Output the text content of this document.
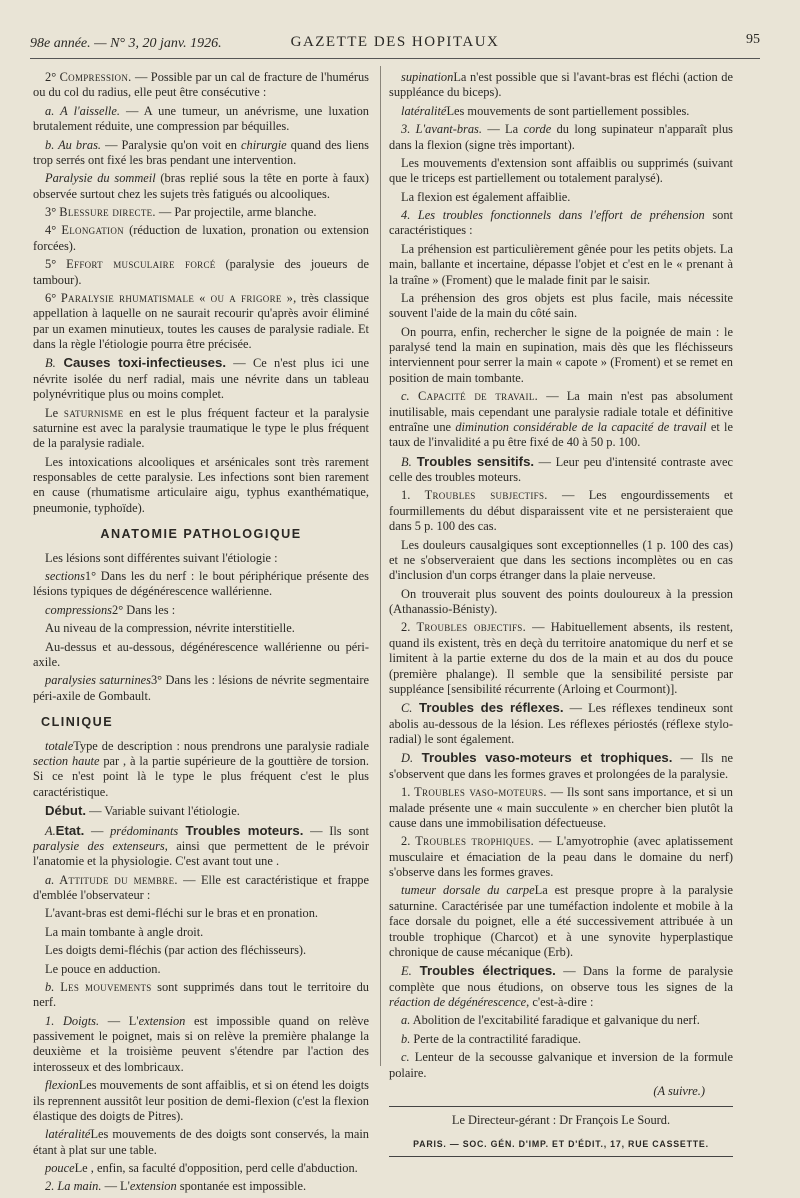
98e année. — N° 3, 20 janv. 1926.	GAZETTE DES HOPITAUX	95

2° Compression. — Possible par un cal de fracture de l'humérus ou du col du radius, elle peut être consécutive :

a. A l'aisselle. — A une tumeur, un anévrisme, une luxation brutalement réduite, une compression par béquilles.

b. Au bras. — Paralysie qu'on voit en chirurgie quand des liens trop serrés ont fixé les bras pendant une intervention.

Paralysie du sommeil (bras replié sous la tête en porte à faux) observée surtout chez les sujets très fatigués ou alcooliques.

3° Blessure directe. — Par projectile, arme blanche.

4° Elongation (réduction de luxation, pronation ou extension forcées).

5° Effort musculaire forcé (paralysie des joueurs de tambour).

6° Paralysie rhumatismale « ou a frigore », très classique appellation à laquelle on ne saurait recourir qu'après avoir éliminé par un examen minutieux, toutes les causes de paralysie radiale. Et dans la règle l'étiologie pourra être précisée.

B. Causes toxi-infectieuses. — Ce n'est plus ici une névrite isolée du nerf radial, mais une névrite dans un tableau polynévritique plus ou moins complet.

Le saturnisme en est le plus fréquent facteur et la paralysie saturnine est avec la paralysie traumatique le type le plus fréquent de la paralysie radiale.

Les intoxications alcooliques et arsénicales sont très rarement responsables de cette paralysie. Les infections sont bien rarement en cause (rhumatisme articulaire aigu, typhus exanthématique, pneumonie, typhoïde).

ANATOMIE PATHOLOGIQUE

Les lésions sont différentes suivant l'étiologie :

sections1° Dans les du nerf : le bout périphérique présente des lésions typiques de dégénérescence wallérienne.

compressions2° Dans les :

Au niveau de la compression, névrite interstitielle.

Au-dessus et au-dessous, dégénérescence wallérienne ou péri-axile.

paralysies saturnines3° Dans les : lésions de névrite segmentaire péri-axile de Gombault.

CLINIQUE

totaleType de description : nous prendrons une paralysie radiale section haute par , à la partie supérieure de la gouttière de torsion. Si ce n'est point là le type le plus fréquent c'est le plus caractéristique.

Début. — Variable suivant l'étiologie.

A.Etat. — prédominants Troubles moteurs. — Ils sont paralysie des extenseurs, ainsi que permettent de le prévoir l'anatomie et la physiologie. C'est avant tout une .

a. Attitude du membre. — Elle est caractéristique et frappe d'emblée l'observateur :

L'avant-bras est demi-fléchi sur le bras et en pronation.

La main tombante à angle droit.

Les doigts demi-fléchis (par action des fléchisseurs).

Le pouce en adduction.

b. Les mouvements sont supprimés dans tout le territoire du nerf.

1. Doigts. — L'extension est impossible quand on relève passivement le poignet, mais si on relève la première phalange la deuxième et la troisième peuvent s'étendre par l'action des interosseux et des lombricaux.

flexionLes mouvements de sont affaiblis, et si on étend les doigts ils reprennent aussitôt leur position de demi-flexion (c'est la flexion élastique des doigts de Pitres).

latéralitéLes mouvements de des doigts sont conservés, la main étant à plat sur une table.

pouceLe , enfin, sa faculté d'opposition, perd celle d'abduction.

2. La main. — L'extension spontanée est impossible.

supinationLa n'est possible que si l'avant-bras est fléchi (action de suppléance du biceps).

latéralitéLes mouvements de sont partiellement possibles.

3. L'avant-bras. — La corde du long supinateur n'apparaît plus dans la flexion (signe très important).

Les mouvements d'extension sont affaiblis ou supprimés (suivant que le triceps est partiellement ou totalement paralysé).

La flexion est également affaiblie.

4. Les troubles fonctionnels dans l'effort de préhension sont caractéristiques :

La préhension est particulièrement gênée pour les petits objets. La main, ballante et incertaine, dépasse l'objet et c'est en le « prenant à la traîne » (Froment) que le malade finit par le saisir.

La préhension des gros objets est plus facile, mais nécessite souvent l'aide de la main du côté sain.

On pourra, enfin, rechercher le signe de la poignée de main : le paralysé tend la main en supination, mais dès que les fléchisseurs interviennent pour serrer la main « capote » (Froment) et se remet en position de main tombante.

c. Capacité de travail. — La main n'est pas absolument inutilisable, mais cependant une paralysie radiale totale et définitive entraîne une diminution considérable de la capacité de travail et le taux de l'invalidité a pu être fixé de 40 à 50 p. 100.

B. Troubles sensitifs. — Leur peu d'intensité contraste avec celle des troubles moteurs.

1. Troubles subjectifs. — Les engourdissements et fourmillements du début disparaissent vite et ne persisteraient que dans 5 p. 100 des cas.

Les douleurs causalgiques sont exceptionnelles (1 p. 100 des cas) et ne s'observeraient que dans les sections incomplètes ou en cas d'inclusion d'un corps étranger dans la plaie nerveuse.

On trouverait plus souvent des points douloureux à la pression (Athanassio-Bénisty).

2. Troubles objectifs. — Habituellement absents, ils restent, quand ils existent, très en deçà du territoire anatomique du nerf et se limitent à la partie externe du dos de la main et au dos du pouce (première phalange). Il semble que la sensibilité persiste par suppléance [sensibilité récurrente (Arloing et Courmont)].

C. Troubles des réflexes. — Les réflexes tendineux sont abolis au-dessous de la lésion. Les réflexes périostés (réflexe stylo-radial) le sont également.

D. Troubles vaso-moteurs et trophiques. — Ils ne s'observent que dans les formes graves et prolongées de la paralysie.

1. Troubles vaso-moteurs. — Ils sont sans importance, et si un malade présente une « main succulente » en chercher bien plutôt la cause dans une immobilisation défectueuse.

2. Troubles trophiques. — L'amyotrophie (avec aplatissement musculaire et émaciation de la peau dans le domaine du nerf) s'observe dans les formes graves.

tumeur dorsale du carpeLa est presque propre à la paralysie saturnine. Caractérisée par une tuméfaction indolente et mobile à la face dorsale du poignet, elle a été successivement attribuée à un trouble trophique (Charcot) et à une synovite hyperplastique chronique de cause mécanique (Erb).

E. Troubles électriques. — Dans la forme de paralysie complète que nous étudions, on observe tous les signes de la réaction de dégénérescence, c'est-à-dire :

a. Abolition de l'excitabilité faradique et galvanique du nerf.

b. Perte de la contractilité faradique.

c. Lenteur de la secousse galvanique et inversion de la formule polaire.

(A suivre.)

Le Directeur-gérant : Dr François Le Sourd.
PARIS. — SOC. GÉN. D'IMP. ET D'ÉDIT., 17, RUE CASSETTE.
